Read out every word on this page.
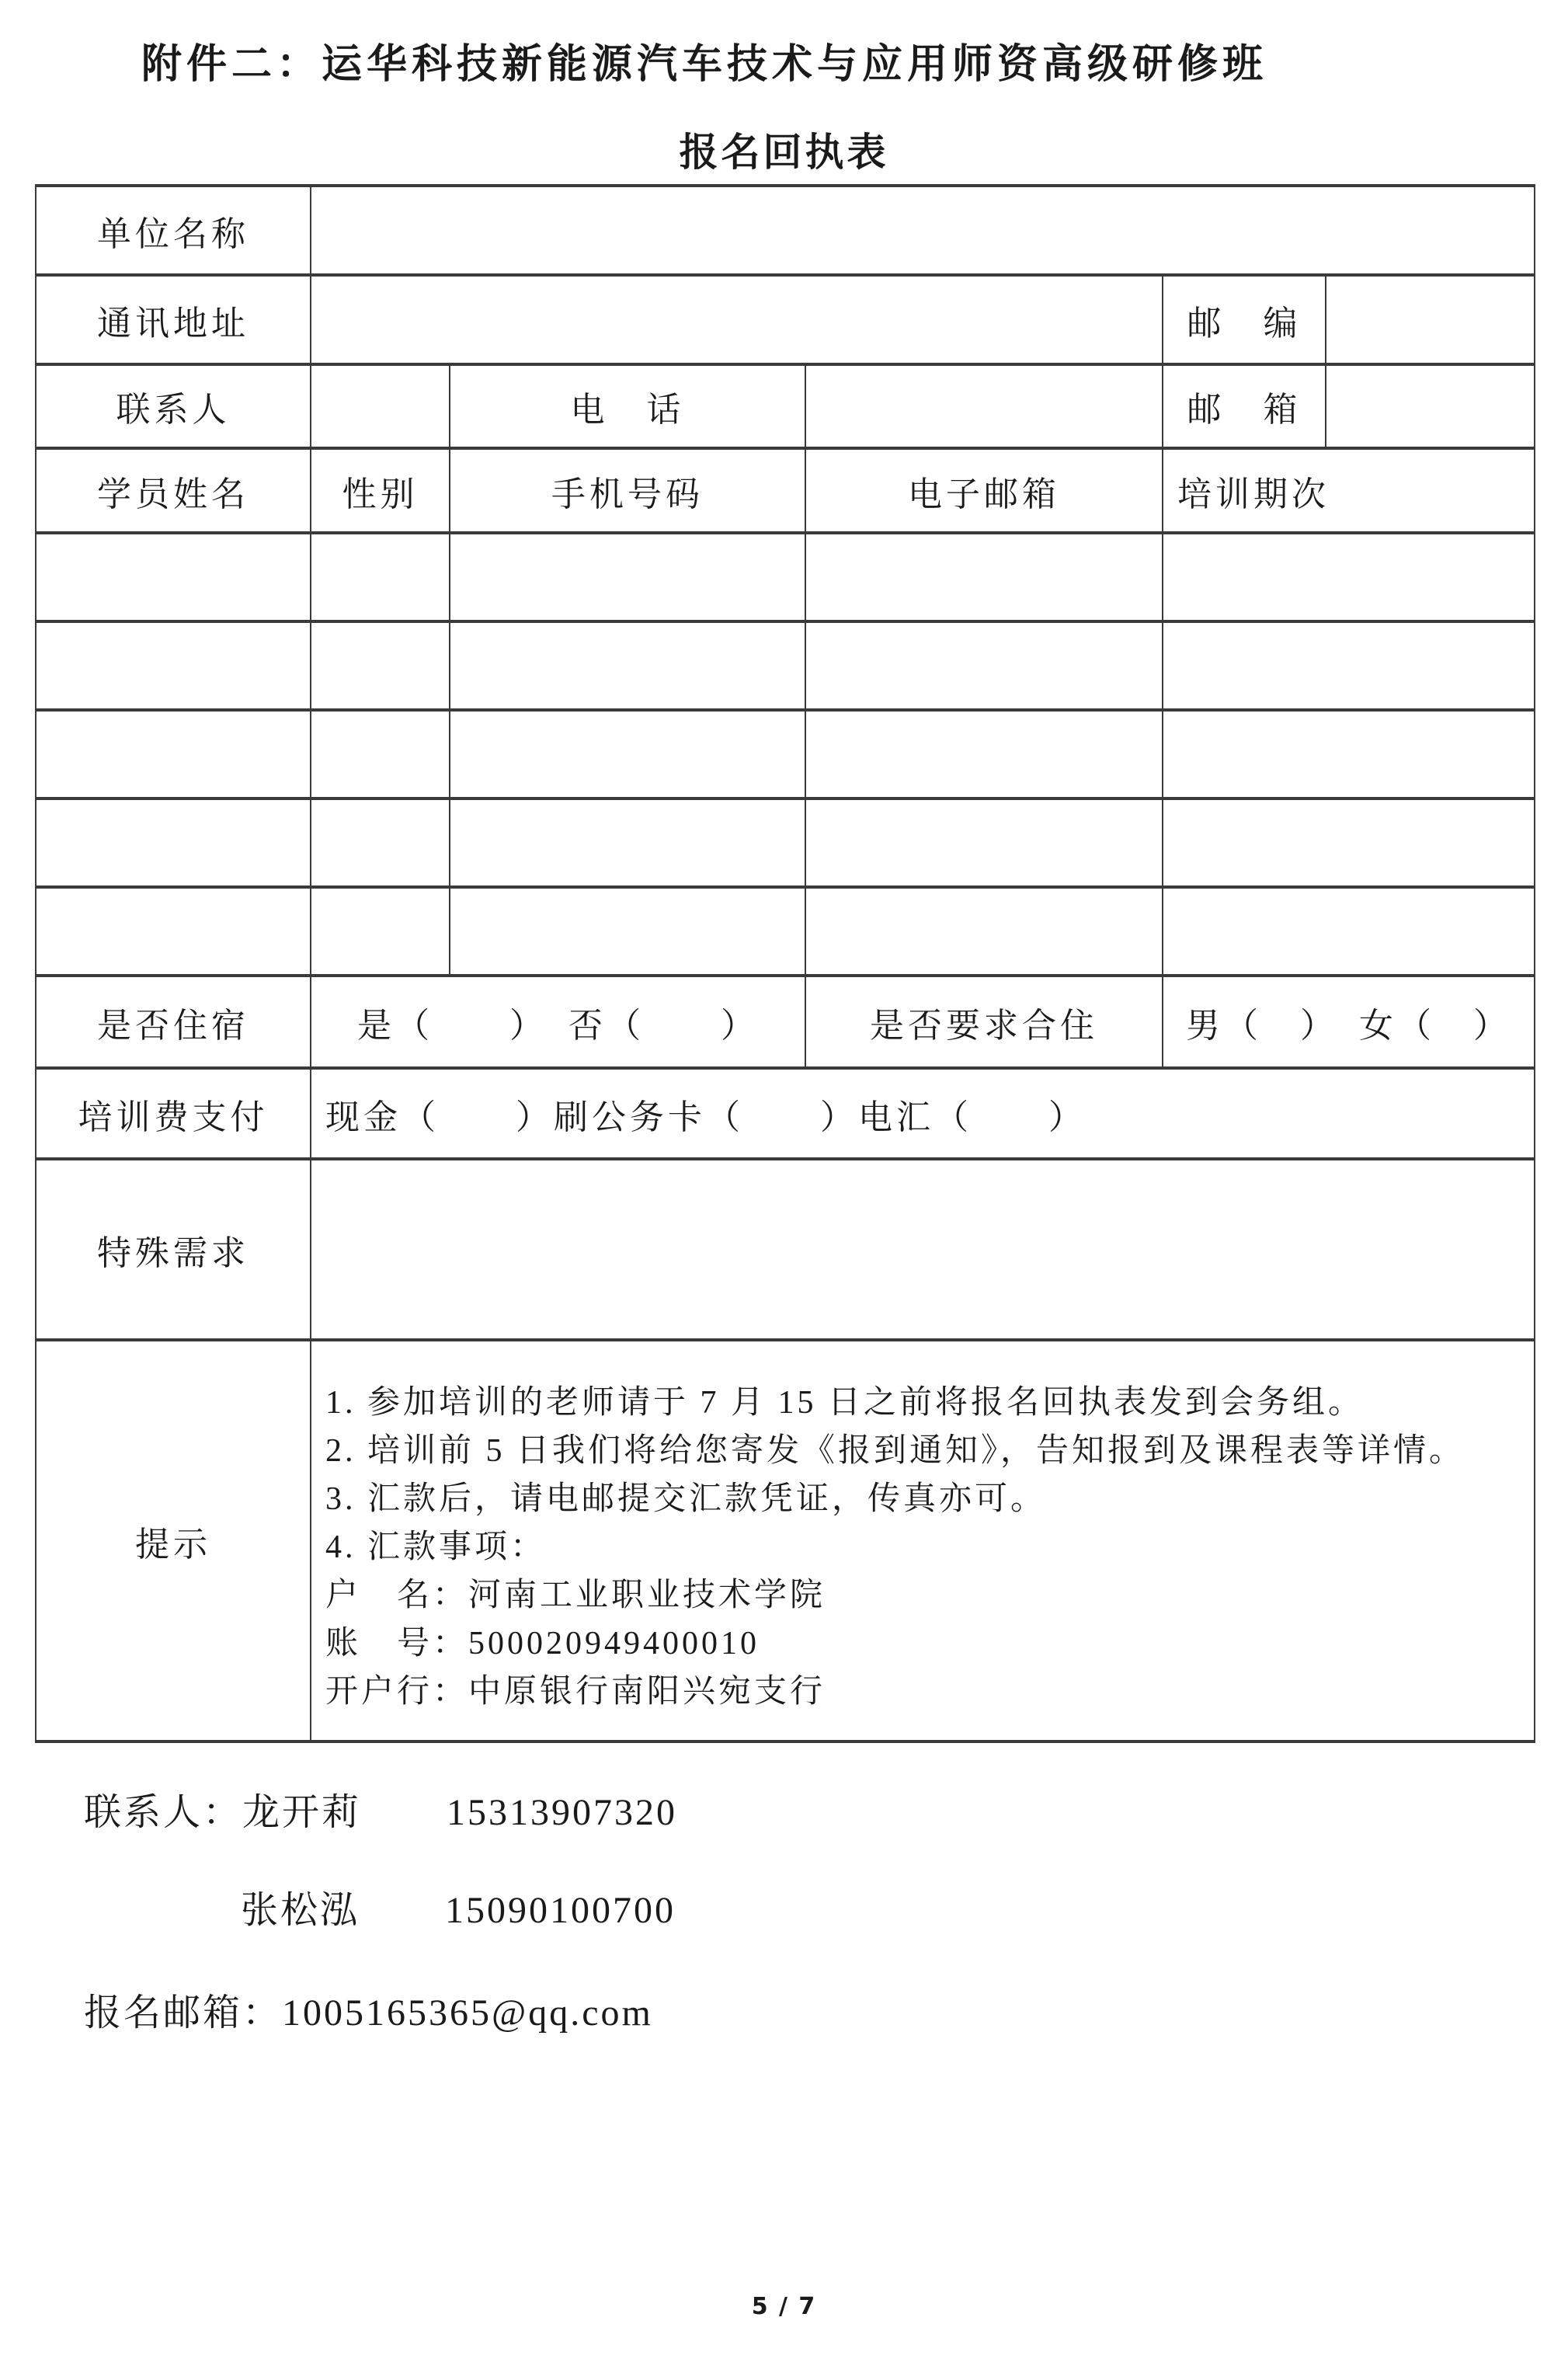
附件二：运华科技新能源汽车技术与应用师资高级研修班
报名回执表
单位名称					
通讯地址				邮　编	
联系人		电　话		邮　箱	
学员姓名	性别	手机号码	电子邮箱	培训期次	

是否住宿	是（　　）　否（　　）		是否要求合住	男（　）　女（　）	
培训费支付	现金（　　）刷公务卡（　　）电汇（　　）				
特殊需求					
提示	
1. 参加培训的老师请于 7 月 15 日之前将报名回执表发到会务组。
2. 培训前 5 日我们将给您寄发《报到通知》，告知报到及课程表等详情。
3. 汇款后，请电邮提交汇款凭证，传真亦可。
4. 汇款事项：
户　名：河南工业职业技术学院
账　号：500020949400010
开户行：中原银行南阳兴宛支行
联系人：龙开莉 15313907320
张松泓 15090100700
报名邮箱：1005165365@qq.com
5 / 7
